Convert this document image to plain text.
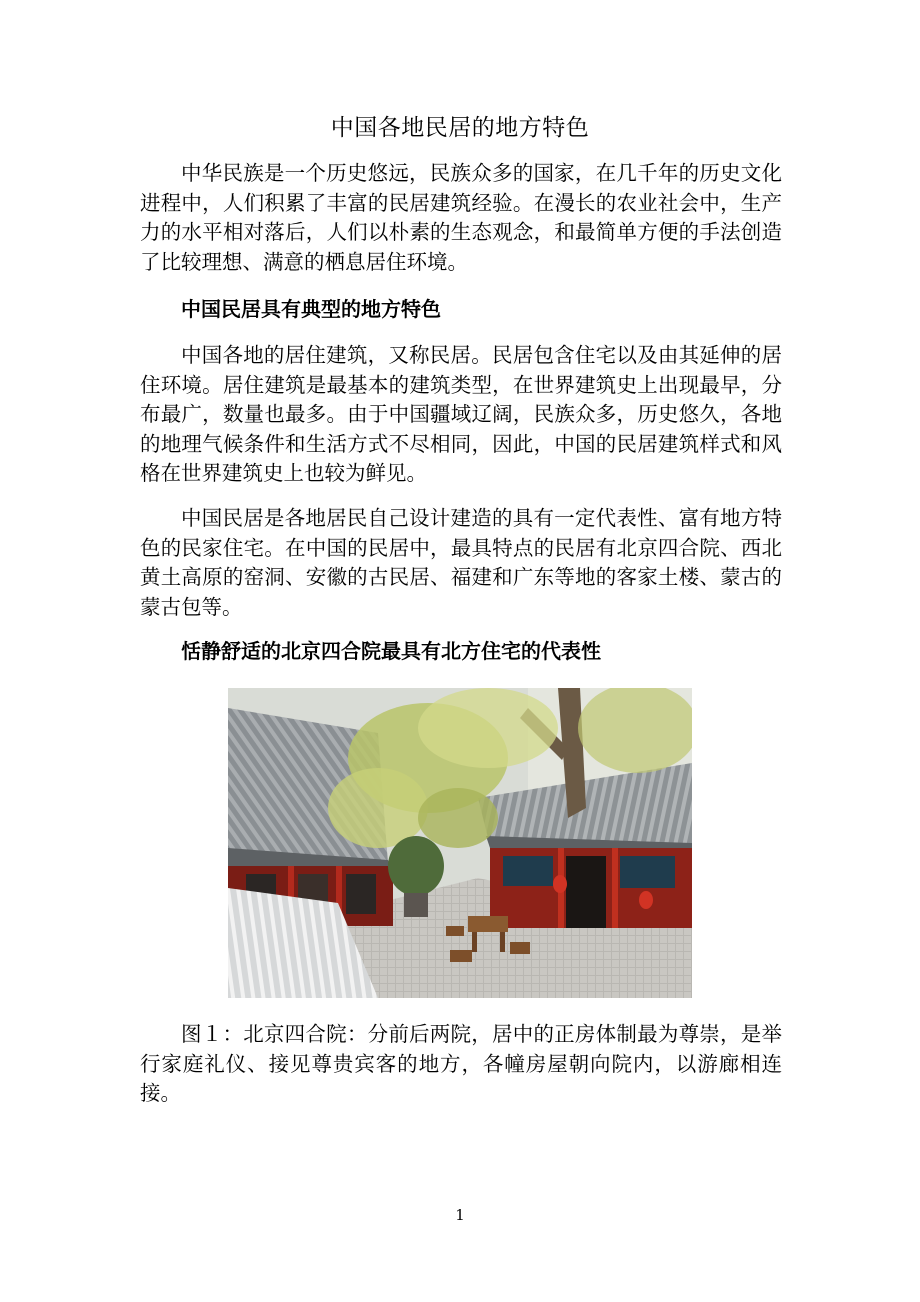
中国各地民居的地方特色

中华民族是一个历史悠远，民族众多的国家，在几千年的历史文化进程中，人们积累了丰富的民居建筑经验。在漫长的农业社会中，生产力的水平相对落后，人们以朴素的生态观念，和最简单方便的手法创造了比较理想、满意的栖息居住环境。

中国民居具有典型的地方特色

中国各地的居住建筑，又称民居。民居包含住宅以及由其延伸的居住环境。居住建筑是最基本的建筑类型，在世界建筑史上出现最早，分布最广，数量也最多。由于中国疆域辽阔，民族众多，历史悠久，各地的地理气候条件和生活方式不尽相同，因此，中国的民居建筑样式和风格在世界建筑史上也较为鲜见。

中国民居是各地居民自己设计建造的具有一定代表性、富有地方特色的民家住宅。在中国的民居中，最具特点的民居有北京四合院、西北黄土高原的窑洞、安徽的古民居、福建和广东等地的客家土楼、蒙古的蒙古包等。

恬静舒适的北京四合院最具有北方住宅的代表性

图１：北京四合院：分前后两院，居中的正房体制最为尊崇，是举行家庭礼仪、接见尊贵宾客的地方，各幢房屋朝向院内，以游廊相连接。

1
